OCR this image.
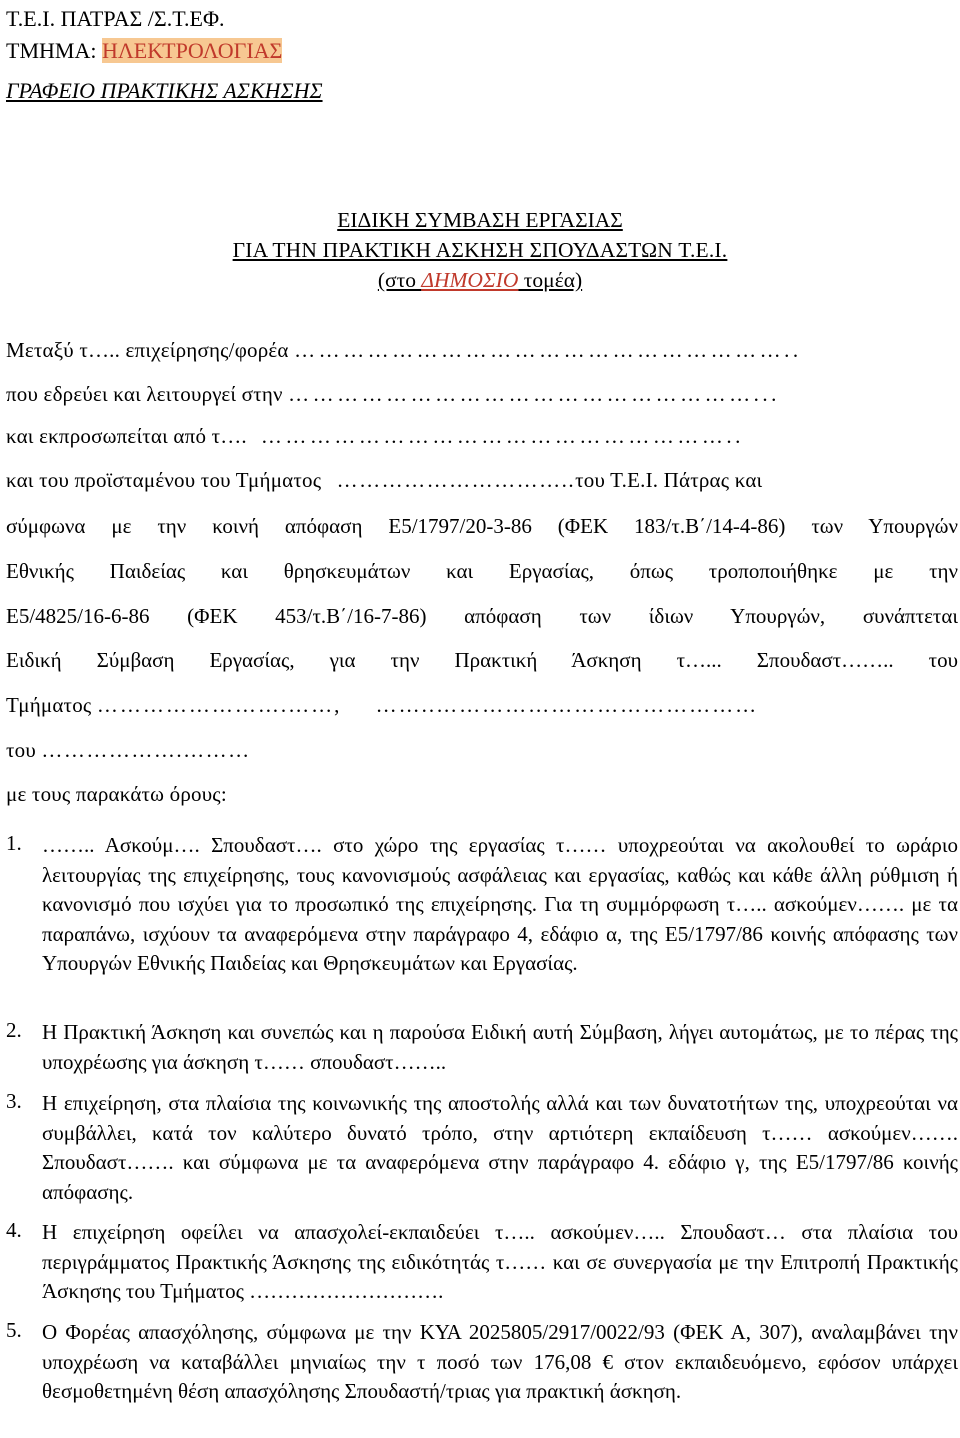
Τ.Ε.Ι. ΠΑΤΡΑΣ /Σ.Τ.ΕΦ.
ΤΜΗΜΑ: ΗΛΕΚΤΡΟΛΟΓΙΑΣ
ΓΡΑΦΕΙΟ ΠΡΑΚΤΙΚΗΣ ΑΣΚΗΣΗΣ
ΕΙΔΙΚΗ ΣΥΜΒΑΣΗ ΕΡΓΑΣΙΑΣ
ΓΙΑ ΤΗΝ ΠΡΑΚΤΙΚΗ ΑΣΚΗΣΗ ΣΠΟΥΔΑΣΤΩΝ Τ.Ε.Ι.
(στο ΔΗΜΟΣΙΟ τομέα)
Μεταξύ τ….. επιχείρησης/φορέα ……………………………………………………..
που εδρεύει και λειτουργεί στην …………………………………………………...
και εκπροσωπείται από τ…. …………………………………………………..
και του προϊσταμένου του Τμήματος …………………………..του Τ.Ε.Ι. Πάτρας και
σύμφωνα με την κοινή απόφαση Ε5/1797/20-3-86 (ΦΕΚ 183/τ.Β΄/14-4-86) των Υπουργών
Εθνικής Παιδείας και θρησκευμάτων και Εργασίας, όπως τροποποιήθηκε με την
Ε5/4825/16-6-86 (ΦΕΚ 453/τ.Β΄/16-7-86) απόφαση των ίδιων Υπουργών, συνάπτεται
Ειδική Σύμβαση Εργασίας, για την Πρακτική Άσκηση τ…... Σπουδαστ…….. του
Τμήματος …………………….……, ……..……………………………………
του ……………….………
με τους παρακάτω όρους:
1. …….. Ασκούμ…. Σπουδαστ…. στο χώρο της εργασίας τ…… υποχρεούται να ακολουθεί το ωράριο λειτουργίας της επιχείρησης, τους κανονισμούς ασφάλειας και εργασίας, καθώς και κάθε άλλη ρύθμιση ή κανονισμό που ισχύει για το προσωπικό της επιχείρησης. Για τη συμμόρφωση τ….. ασκούμεν……. με τα παραπάνω, ισχύουν τα αναφερόμενα στην παράγραφο 4, εδάφιο α, της Ε5/1797/86 κοινής απόφασης των Υπουργών Εθνικής Παιδείας και Θρησκευμάτων και Εργασίας.
2. Η Πρακτική Άσκηση και συνεπώς και η παρούσα Ειδική αυτή Σύμβαση, λήγει αυτομάτως, με το πέρας της υποχρέωσης για άσκηση τ…… σπουδαστ……..
3. Η επιχείρηση, στα πλαίσια της κοινωνικής της αποστολής αλλά και των δυνατοτήτων της, υποχρεούται να συμβάλλει, κατά τον καλύτερο δυνατό τρόπο, στην αρτιότερη εκπαίδευση τ…… ασκούμεν……. Σπουδαστ……. και σύμφωνα με τα αναφερόμενα στην παράγραφο 4. εδάφιο γ, της Ε5/1797/86 κοινής απόφασης.
4. Η επιχείρηση οφείλει να απασχολεί-εκπαιδεύει τ….. ασκούμεν….. Σπουδαστ… στα πλαίσια του περιγράμματος Πρακτικής Άσκησης της ειδικότητάς τ…… και σε συνεργασία με την Επιτροπή Πρακτικής Άσκησης του Τμήματος ……………………….
5. Ο Φορέας απασχόλησης, σύμφωνα με την ΚΥΑ 2025805/2917/0022/93 (ΦΕΚ Α, 307), αναλαμβάνει την υποχρέωση να καταβάλλει μηνιαίως την τ ποσό των 176,08 € στον εκπαιδευόμενο, εφόσον υπάρχει θεσμοθετημένη θέση απασχόλησης Σπουδαστή/τριας για πρακτική άσκηση.
